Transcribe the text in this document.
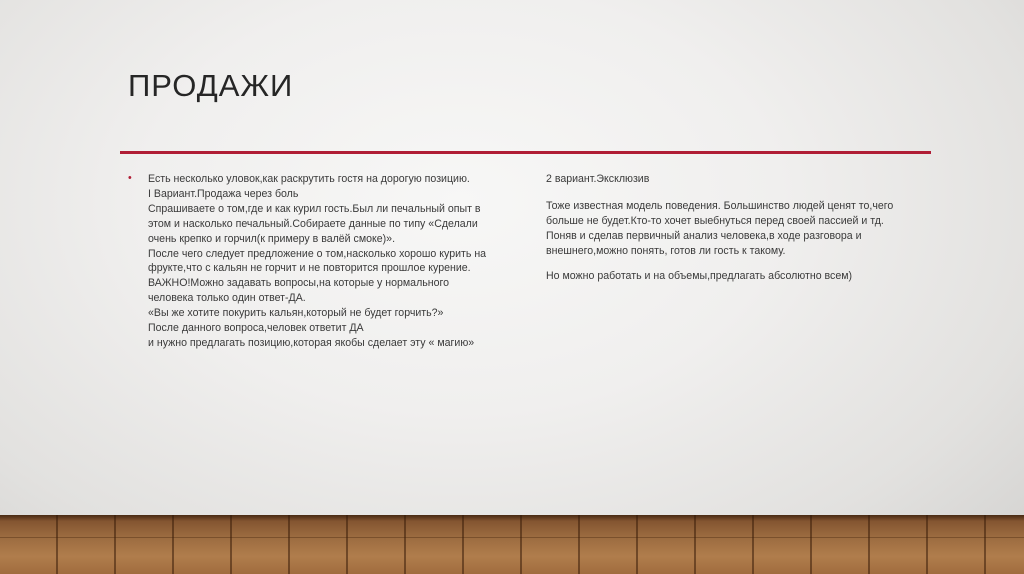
ПРОДАЖИ
• Есть несколько уловок,как раскрутить гостя на дорогую позицию.
I Вариант.Продажа через боль
Спрашиваете о том,где и как курил гость.Был ли печальный опыт в
этом и насколько печальный.Собираете данные по типу «Сделали
очень крепко и горчил(к примеру в валёй смоке)».
После чего следует предложение о том,насколько хорошо курить на
фрукте,что с кальян не горчит и не повторится прошлое курение.
ВАЖНО!Можно задавать вопросы,на которые у нормального
человека только один ответ-ДА.
«Вы же хотите покурить кальян,который не будет горчить?»
После данного вопроса,человек ответит ДА
и нужно предлагать позицию,которая якобы сделает эту « магию»
2 вариант.Эксклюзив
Тоже известная модель поведения. Большинство людей ценят то,чего
больше не будет.Кто-то хочет выебнуться перед своей пассией и тд.
Поняв и сделав первичный анализ человека,в ходе разговора и
внешнего,можно понять, готов ли гость к такому.
Но можно работать и на объемы,предлагать абсолютно всем)
